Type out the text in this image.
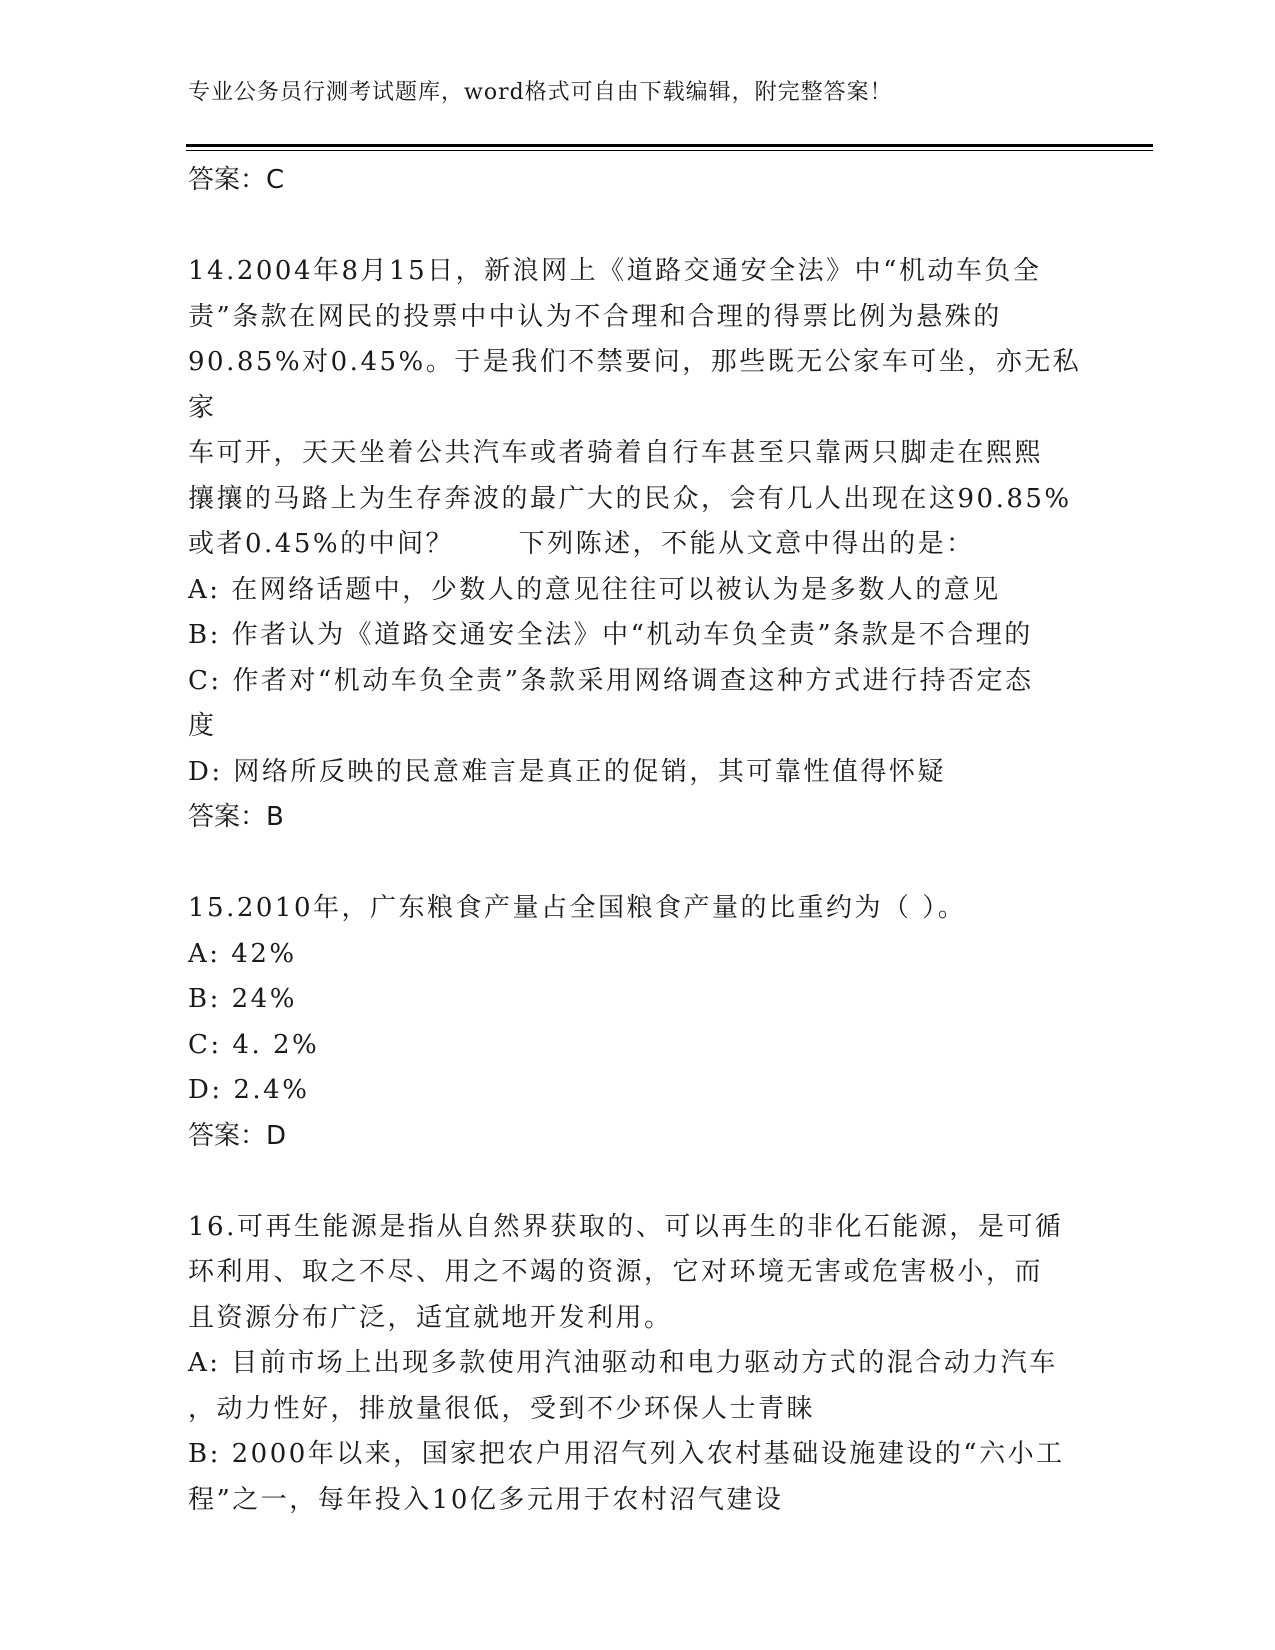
专业公务员行测考试题库，word格式可自由下载编辑，附完整答案！
答案：C
14.2004年8月15日，新浪网上《道路交通安全法》中“机动车负全
责”条款在网民的投票中中认为不合理和合理的得票比例为悬殊的
90.85%对0.45%。于是我们不禁要问，那些既无公家车可坐，亦无私家
车可开，天天坐着公共汽车或者骑着自行车甚至只靠两只脚走在熙熙
攘攘的马路上为生存奔波的最广大的民众，会有几人出现在这90.85%
或者0.45%的中间？      下列陈述，不能从文意中得出的是：
A: 在网络话题中，少数人的意见往往可以被认为是多数人的意见
B: 作者认为《道路交通安全法》中“机动车负全责”条款是不合理的
C: 作者对“机动车负全责”条款采用网络调查这种方式进行持否定态
度
D: 网络所反映的民意难言是真正的促销，其可靠性值得怀疑
答案：B
15.2010年，广东粮食产量占全国粮食产量的比重约为（ ）。
A: 42%
B: 24%
C: 4. 2%
D: 2.4%
答案：D
16.可再生能源是指从自然界获取的、可以再生的非化石能源，是可循
环利用、取之不尽、用之不竭的资源，它对环境无害或危害极小，而
且资源分布广泛，适宜就地开发利用。
A: 目前市场上出现多款使用汽油驱动和电力驱动方式的混合动力汽车
，动力性好，排放量很低，受到不少环保人士青睐
B: 2000年以来，国家把农户用沼气列入农村基础设施建设的“六小工
程”之一，每年投入10亿多元用于农村沼气建设
